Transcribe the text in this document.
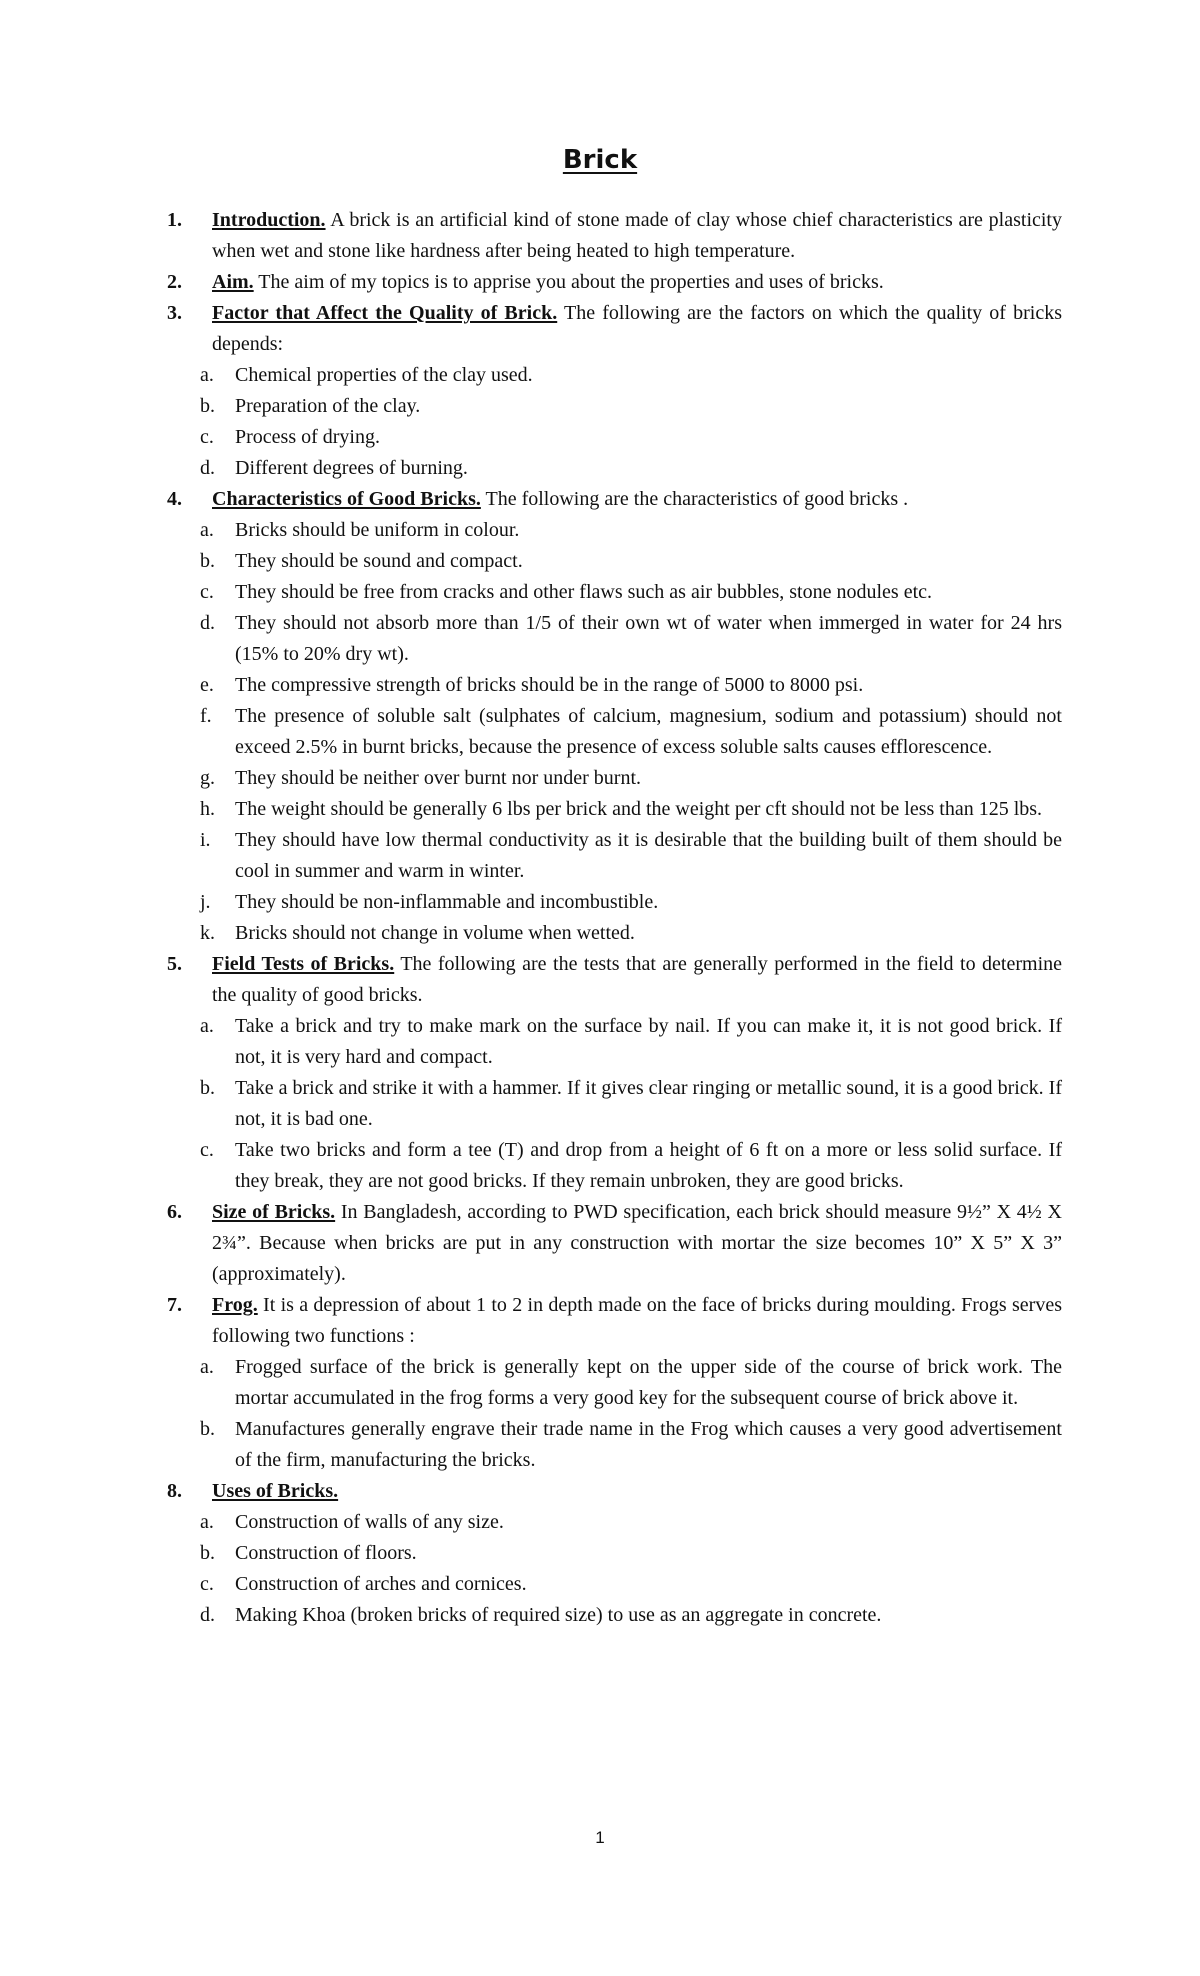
Brick
1. Introduction. A brick is an artificial kind of stone made of clay whose chief characteristics are plasticity when wet and stone like hardness after being heated to high temperature.
2. Aim. The aim of my topics is to apprise you about the properties and uses of bricks.
3. Factor that Affect the Quality of Brick. The following are the factors on which the quality of bricks depends:
a. Chemical properties of the clay used.
b. Preparation of the clay.
c. Process of drying.
d. Different degrees of burning.
4. Characteristics of Good Bricks. The following are the characteristics of good bricks .
a. Bricks should be uniform in colour.
b. They should be sound and compact.
c. They should be free from cracks and other flaws such as air bubbles, stone nodules etc.
d. They should not absorb more than 1/5 of their own wt of water when immerged in water for 24 hrs (15% to 20% dry wt).
e. The compressive strength of bricks should be in the range of 5000 to 8000 psi.
f. The presence of soluble salt (sulphates of calcium, magnesium, sodium and potassium) should not exceed 2.5% in burnt bricks, because the presence of excess soluble salts causes efflorescence.
g. They should be neither over burnt nor under burnt.
h. The weight should be generally 6 lbs per brick and the weight per cft should not be less than 125 lbs.
i. They should have low thermal conductivity as it is desirable that the building built of them should be cool in summer and warm in winter.
j. They should be non-inflammable and incombustible.
k. Bricks should not change in volume when wetted.
5. Field Tests of Bricks. The following are the tests that are generally performed in the field to determine the quality of good bricks.
a. Take a brick and try to make mark on the surface by nail. If you can make it, it is not good brick. If not, it is very hard and compact.
b. Take a brick and strike it with a hammer. If it gives clear ringing or metallic sound, it is a good brick. If not, it is bad one.
c. Take two bricks and form a tee (T) and drop from a height of 6 ft on a more or less solid surface. If they break, they are not good bricks. If they remain unbroken, they are good bricks.
6. Size of Bricks. In Bangladesh, according to PWD specification, each brick should measure 9½” X 4½ X 2¾”. Because when bricks are put in any construction with mortar the size becomes 10” X 5” X 3” (approximately).
7. Frog. It is a depression of about 1 to 2 in depth made on the face of bricks during moulding. Frogs serves following two functions :
a. Frogged surface of the brick is generally kept on the upper side of the course of brick work. The mortar accumulated in the frog forms a very good key for the subsequent course of brick above it.
b. Manufactures generally engrave their trade name in the Frog which causes a very good advertisement of the firm, manufacturing the bricks.
8. Uses of Bricks.
a. Construction of walls of any size.
b. Construction of floors.
c. Construction of arches and cornices.
d. Making Khoa (broken bricks of required size) to use as an aggregate in concrete.
1
